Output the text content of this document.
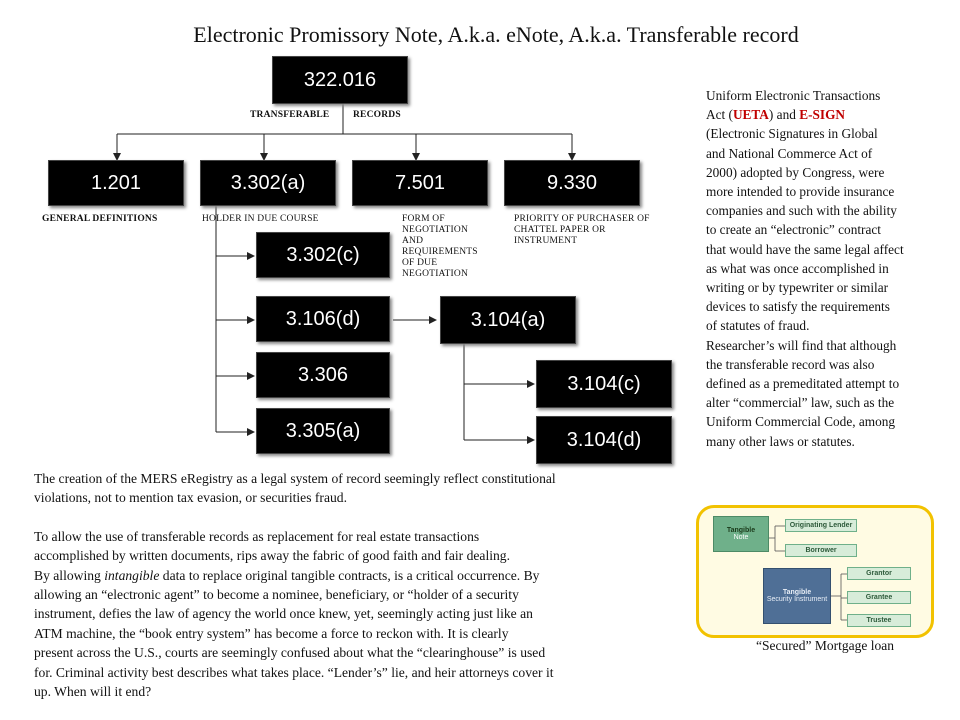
Electronic Promissory Note, A.k.a. eNote, A.k.a. Transferable record
322.016
TRANSFERABLE RECORDS
1.201	3.302(a)	7.501	9.330
GENERAL DEFINITIONS	HOLDER IN DUE COURSE	FORM OF NEGOTIATION AND REQUIREMENTS OF DUE NEGOTIATION
PRIORITY OF PURCHASER OF CHATTEL PAPER OR INSTRUMENT
3.302(c)
3.106(d)
3.306
3.305(a)
3.104(a)
3.104(c)
3.104(d)
Uniform Electronic Transactions
Act (UETA) and E-SIGN
(Electronic Signatures in Global
and National Commerce Act of
2000) adopted by Congress, were
more intended to provide insurance
companies and such with the ability
to create an “electronic” contract
that would have the same legal affect
as what was once accomplished in
writing or by typewriter or similar
devices to satisfy the requirements
of statutes of fraud.
Researcher’s will find that although
the transferable record was also
defined as a premeditated attempt to
alter “commercial” law, such as the
Uniform Commercial Code, among
many other laws or statutes.

The creation of the MERS eRegistry as a legal system of record seemingly reflect constitutional

violations, not to mention tax evasion, or securities fraud.

To allow the use of transferable records as replacement for real estate transactions

accomplished by written documents, rips away the fabric of good faith and fair dealing.

By allowing intangible data to replace original tangible contracts, is a critical occurrence. By

allowing an “electronic agent” to become a nominee, beneficiary, or “holder of a security

instrument, defies the law of agency the world once knew, yet, seemingly acting just like an

ATM machine, the “book entry system” has become a force to reckon with. It is clearly

present across the U.S., courts are seemingly confused about what the “clearinghouse” is used

for. Criminal activity best describes what takes place. “Lender’s” lie, and heir attorneys cover it

up. When will it end?

Tangible
Note
Originating Lender
Borrower
Tangible
Security Instrument
Grantor
Grantee
Trustee
“Secured” Mortgage loan
